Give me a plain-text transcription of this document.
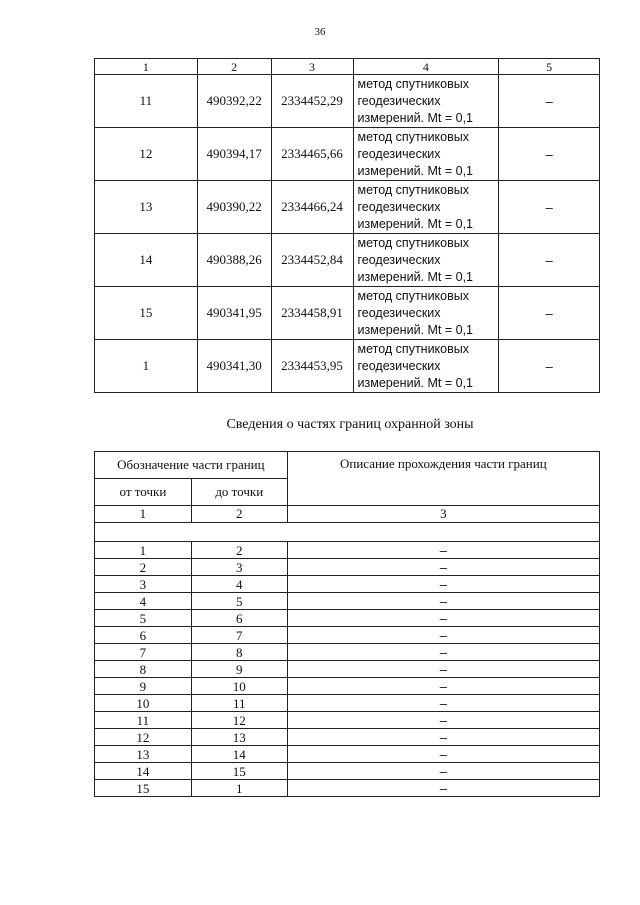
36
1	2	3	4	5
11	490392,22	2334452,29	метод спутниковых
геодезических
измерений. Mt = 0,1	–
12	490394,17	2334465,66	метод спутниковых
геодезических
измерений. Mt = 0,1	–
13	490390,22	2334466,24	метод спутниковых
геодезических
измерений. Mt = 0,1	–
14	490388,26	2334452,84	метод спутниковых
геодезических
измерений. Mt = 0,1	–
15	490341,95	2334458,91	метод спутниковых
геодезических
измерений. Mt = 0,1	–
1	490341,30	2334453,95	метод спутниковых
геодезических
измерений. Mt = 0,1	–
Сведения о частях границ охранной зоны
Обозначение части границ		Описание прохождения части границ
от точки	до точки	
1	2	3

1	2	–
2	3	–
3	4	–
4	5	–
5	6	–
6	7	–
7	8	–
8	9	–
9	10	–
10	11	–
11	12	–
12	13	–
13	14	–
14	15	–
15	1	–
